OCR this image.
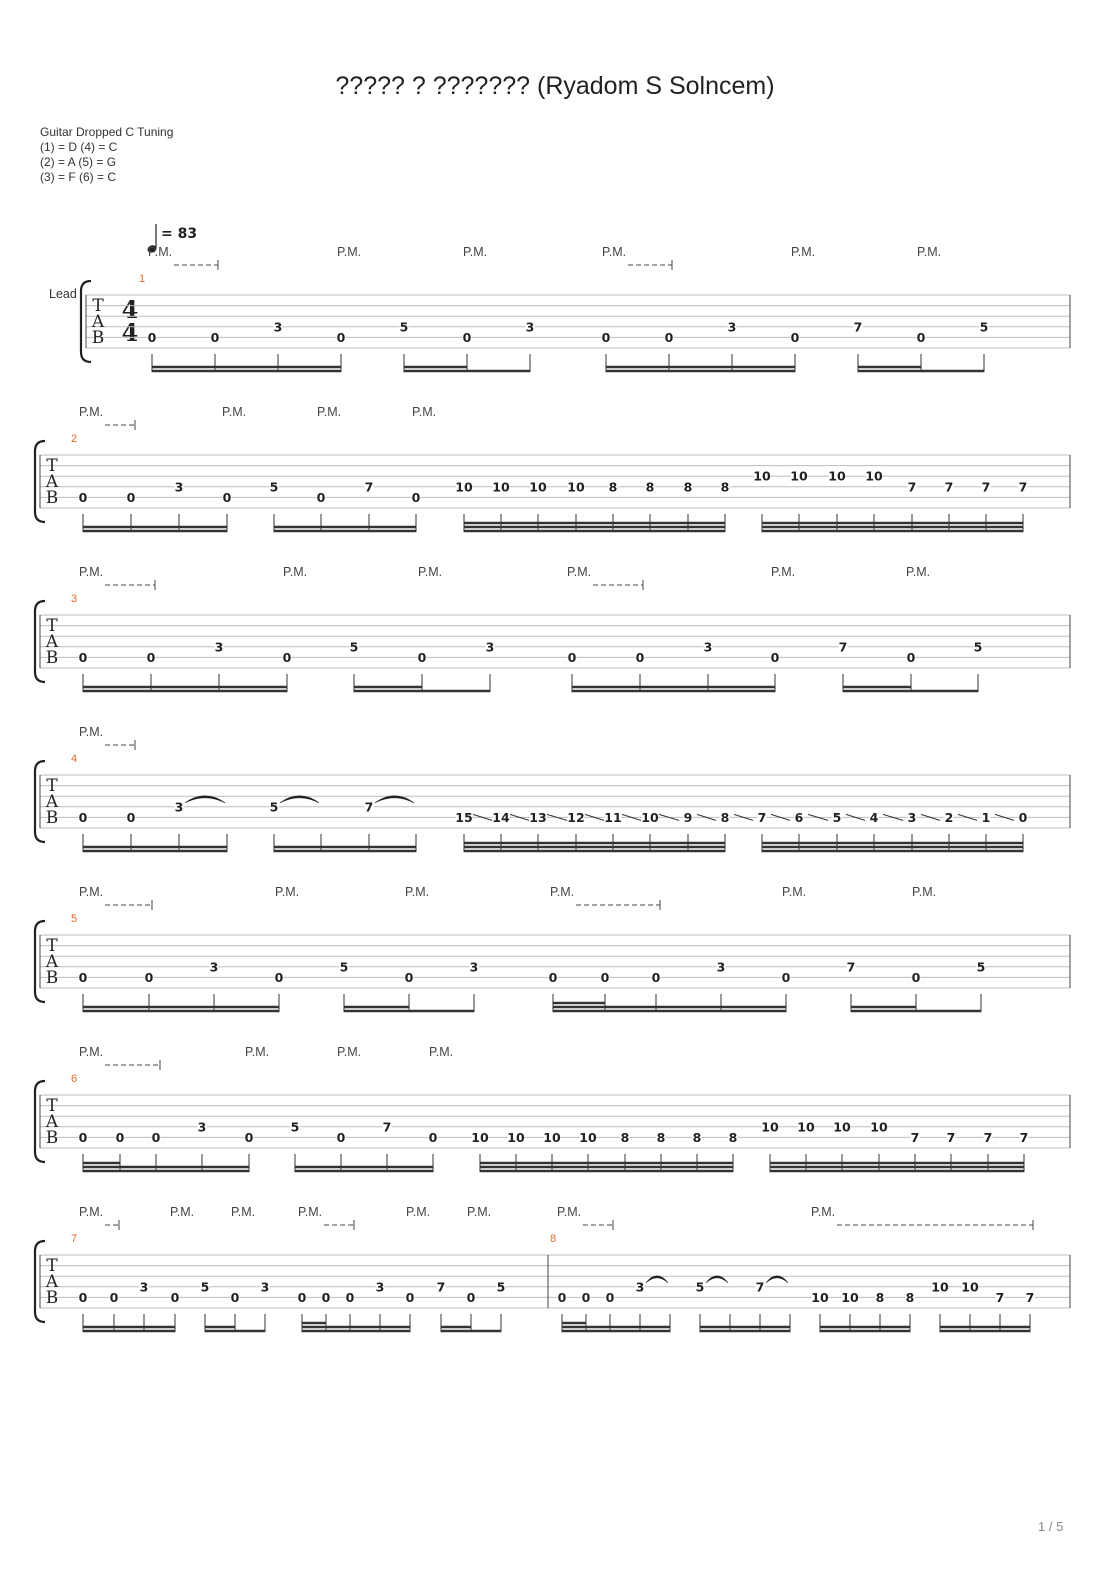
????? ? ??????? (Ryadom S Solncem)
Guitar Dropped C Tuning
(1) = D (4) = C
(2) = A (5) = G
(3) = F (6) = C
= 83
Lead
4
4
T
A
B
1
P.M.	P.M.	P.M.	P.M.	P.M.	P.M.
0	0
3
0
5
0
3
0	0
3
0
7
0
5
T
A
B
2
P.M.	P.M.	P.M.	P.M.
0	0
3
0
5
0
7
0
10 10 10 10 8 8 8 8
10 10 10 10
7 7 7 7
T
A
B
3
P.M.	P.M.	P.M.	P.M.	P.M.	P.M.
0	0
3
0
5
0
3
0	0
3
0
7
0
5
T
A
B
4
P.M.
0	0
3	5	7
15 14 13 12 11 10 9 8 7 6 5 4 3 2 1 0
T
A
B
5
P.M.	P.M.	P.M.	P.M.	P.M.	P.M.
0	0
3
0
5
0
3
0	0	0
3
0
7
0
5
T
A
B
6
P.M.	P.M.	P.M.	P.M.
0 0 0
3
0
5
0
7
0	10 10 10 10 8 8 8 8
10 10 10 10
7 7 7 7
T
A
B
7	8
P.M.	P.M.	P.M.	P.M.	P.M.	P.M.	P.M.	P.M.
0 0
3
0
5
0
3
0 0 0
3
0
7
0
5
0 0 0
3	5	7
10 10 8 8
10 10
7 7
1 / 5
